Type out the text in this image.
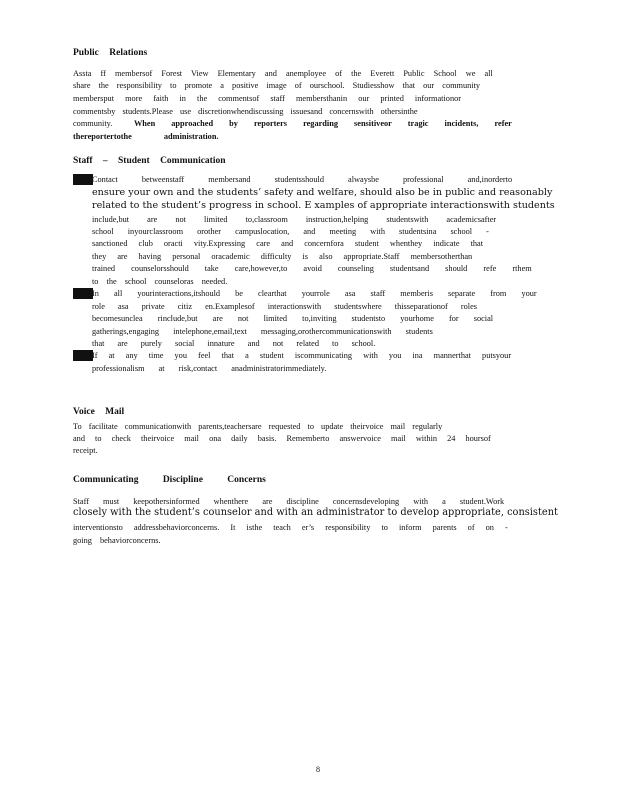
Public Relations
Assta ff membersof Forest View Elementary and anemployee of the Everett Public School we all
share the responsibility to promote a positive image of ourschool. Studiesshow that our community
membersput more faith in the commentsof staff membersthanin our printed informationor
commentsby students.Please use discretionwhendiscussing issuesand concernswith othersinthe
community.	When approached by reporters regarding sensitiveor tragic incidents, refer
thereportertothe administration.
Staff – Student Communication
Contact betweenstaff membersand studentsshould alwaysbe professional and,inorderto
ensure your own and the students’ safety and welfare, should also be in public and reasonably
related to the student’s progress in school. E xamples of appropriate interactionswith students
include,but are not limited to,classroom instruction,helping studentswith academicsafter
school inyourclassroom orother campuslocation, and meeting with studentsina school -
sanctioned club oracti vity.Expressing care and concernfora student whenthey indicate that
they are having personal oracademic difficulty is also appropriate.Staff membersotherthan
trained counselorsshould take care,however,to avoid counseling studentsand should refe rthem
to the school counseloras needed.
In all yourinteractions,itshould be clearthat yourrole asa staff memberis separate from your
role asa private citiz en.Examplesof interactionswith studentswhere thisseparationof roles
becomesunclea rinclude,but are not limited to,inviting studentsto yourhome for social
gatherings,engaging intelephone,email,text messaging,orothercommunicationswith students
that are purely social innature and not related to school.
If at any time you feel that a student iscommunicating with you ina mannerthat putsyour
professionalism at risk,contact anadministratorimmediately.
Voice Mail
To facilitate communicationwith parents,teachersare requested to update theirvoice mail regularly
and to check theirvoice mail ona daily basis. Rememberto answervoice mail within 24 hoursof
receipt.
Communicating Discipline Concerns
Staff must keepothersinformed whenthere are discipline concernsdeveloping with a student.Work
closely with the student’s counselor and with an administrator to develop appropriate, consistent
interventionsto addressbehaviorconcerns. It isthe teach er’s responsibility to inform parents of on -
going behaviorconcerns.
8
